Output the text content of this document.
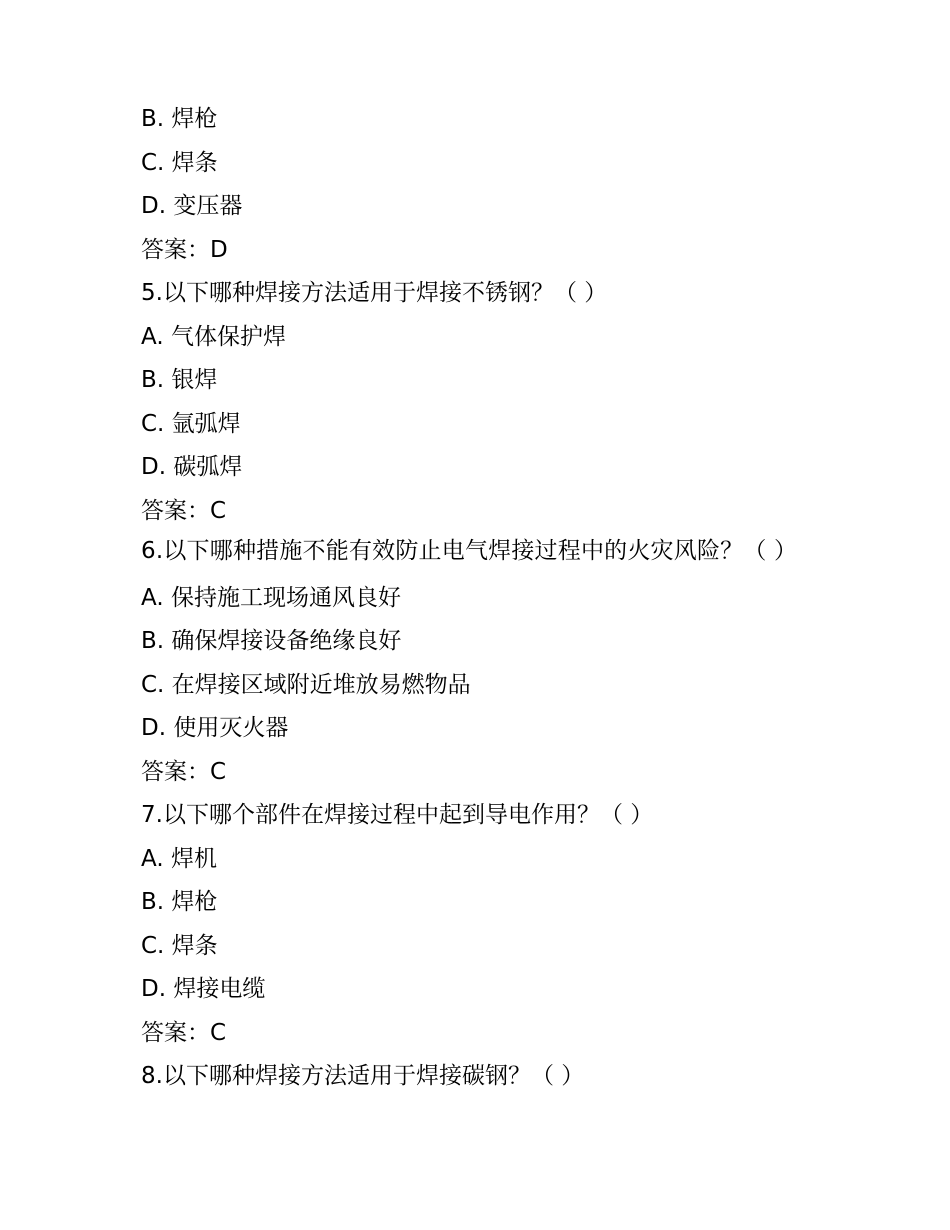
B. 焊枪

C. 焊条

D. 变压器

答案：D

5.以下哪种焊接方法适用于焊接不锈钢？（ ）

A. 气体保护焊

B. 银焊

C. 氩弧焊

D. 碳弧焊

答案：C

6.以下哪种措施不能有效防止电气焊接过程中的火灾风险？（ ）

A. 保持施工现场通风良好

B. 确保焊接设备绝缘良好

C. 在焊接区域附近堆放易燃物品

D. 使用灭火器

答案：C

7.以下哪个部件在焊接过程中起到导电作用？（ ）

A. 焊机

B. 焊枪

C. 焊条

D. 焊接电缆

答案：C

8.以下哪种焊接方法适用于焊接碳钢？（ ）
